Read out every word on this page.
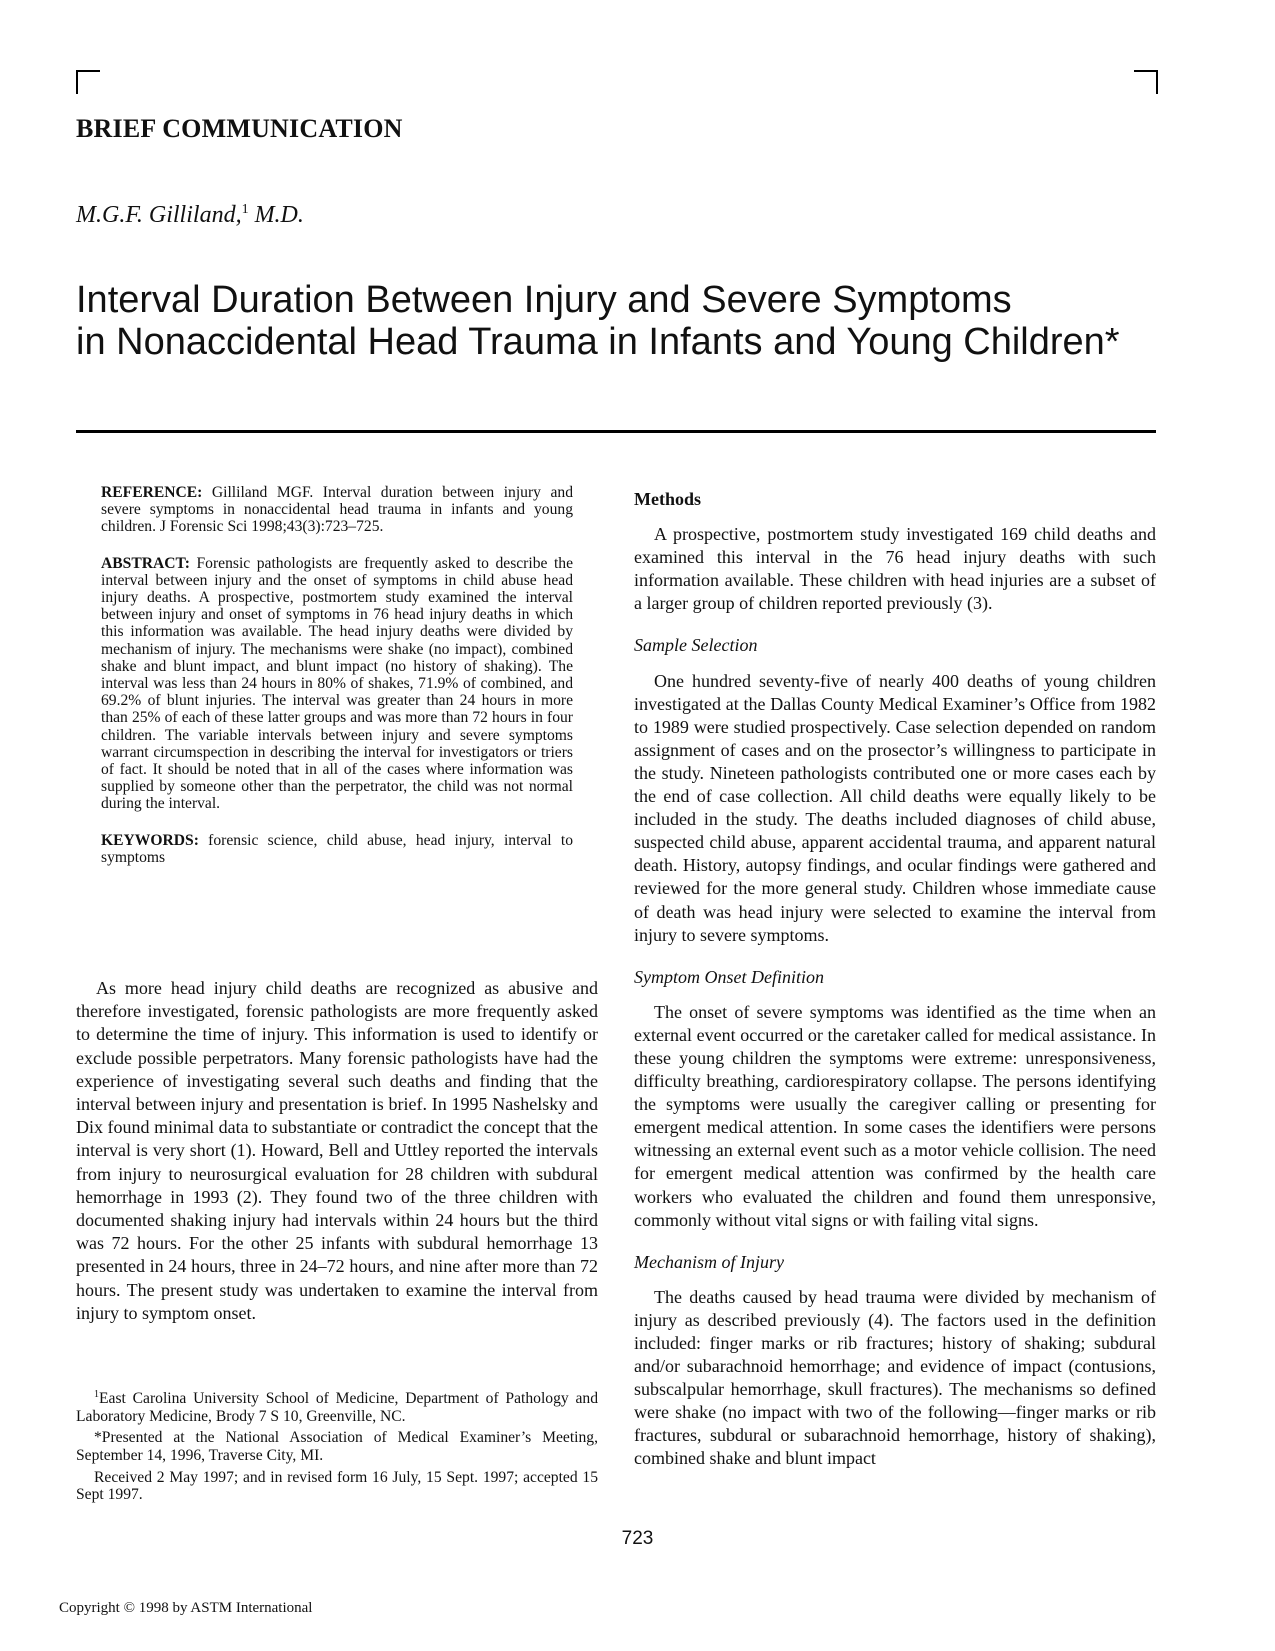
BRIEF COMMUNICATION
M.G.F. Gilliland,$^1$ M.D.
Interval Duration Between Injury and Severe Symptoms
in Nonaccidental Head Trauma in Infants and Young Children*

REFERENCE: Gilliland MGF. Interval duration between injury and severe symptoms in nonaccidental head trauma in infants and young children. J Forensic Sci 1998;43(3):723–725.

ABSTRACT: Forensic pathologists are frequently asked to describe the interval between injury and the onset of symptoms in child abuse head injury deaths. A prospective, postmortem study examined the interval between injury and onset of symptoms in 76 head injury deaths in which this information was available. The head injury deaths were divided by mechanism of injury. The mechanisms were shake (no impact), combined shake and blunt impact, and blunt impact (no history of shaking). The interval was less than 24 hours in 80% of shakes, 71.9% of combined, and 69.2% of blunt injuries. The interval was greater than 24 hours in more than 25% of each of these latter groups and was more than 72 hours in four children. The variable intervals between injury and severe symptoms warrant circumspection in describing the interval for investigators or triers of fact. It should be noted that in all of the cases where information was supplied by someone other than the perpetrator, the child was not normal during the interval.

KEYWORDS: forensic science, child abuse, head injury, interval to symptoms

As more head injury child deaths are recognized as abusive and therefore investigated, forensic pathologists are more frequently asked to determine the time of injury. This information is used to identify or exclude possible perpetrators. Many forensic pathologists have had the experience of investigating several such deaths and finding that the interval between injury and presentation is brief. In 1995 Nashelsky and Dix found minimal data to substantiate or contradict the concept that the interval is very short (1). Howard, Bell and Uttley reported the intervals from injury to neurosurgical evaluation for 28 children with subdural hemorrhage in 1993 (2). They found two of the three children with documented shaking injury had intervals within 24 hours but the third was 72 hours. For the other 25 infants with subdural hemorrhage 13 presented in 24 hours, three in 24–72 hours, and nine after more than 72 hours. The present study was undertaken to examine the interval from injury to symptom onset.

$^1$East Carolina University School of Medicine, Department of Pathology and Laboratory Medicine, Brody 7 S 10, Greenville, NC.

*Presented at the National Association of Medical Examiner’s Meeting, September 14, 1996, Traverse City, MI.

Received 2 May 1997; and in revised form 16 July, 15 Sept. 1997; accepted 15 Sept 1997.

Methods

A prospective, postmortem study investigated 169 child deaths and examined this interval in the 76 head injury deaths with such information available. These children with head injuries are a subset of a larger group of children reported previously (3).

Sample Selection

One hundred seventy-five of nearly 400 deaths of young children investigated at the Dallas County Medical Examiner’s Office from 1982 to 1989 were studied prospectively. Case selection depended on random assignment of cases and on the prosector’s willingness to participate in the study. Nineteen pathologists contributed one or more cases each by the end of case collection. All child deaths were equally likely to be included in the study. The deaths included diagnoses of child abuse, suspected child abuse, apparent accidental trauma, and apparent natural death. History, autopsy findings, and ocular findings were gathered and reviewed for the more general study. Children whose immediate cause of death was head injury were selected to examine the interval from injury to severe symptoms.

Symptom Onset Definition

The onset of severe symptoms was identified as the time when an external event occurred or the caretaker called for medical assistance. In these young children the symptoms were extreme: unresponsiveness, difficulty breathing, cardiorespiratory collapse. The persons identifying the symptoms were usually the caregiver calling or presenting for emergent medical attention. In some cases the identifiers were persons witnessing an external event such as a motor vehicle collision. The need for emergent medical attention was confirmed by the health care workers who evaluated the children and found them unresponsive, commonly without vital signs or with failing vital signs.

Mechanism of Injury

The deaths caused by head trauma were divided by mechanism of injury as described previously (4). The factors used in the definition included: finger marks or rib fractures; history of shaking; subdural and/or subarachnoid hemorrhage; and evidence of impact (contusions, subscalpular hemorrhage, skull fractures). The mechanisms so defined were shake (no impact with two of the following—finger marks or rib fractures, subdural or subarachnoid hemorrhage, history of shaking), combined shake and blunt impact

723
Copyright © 1998 by ASTM International
